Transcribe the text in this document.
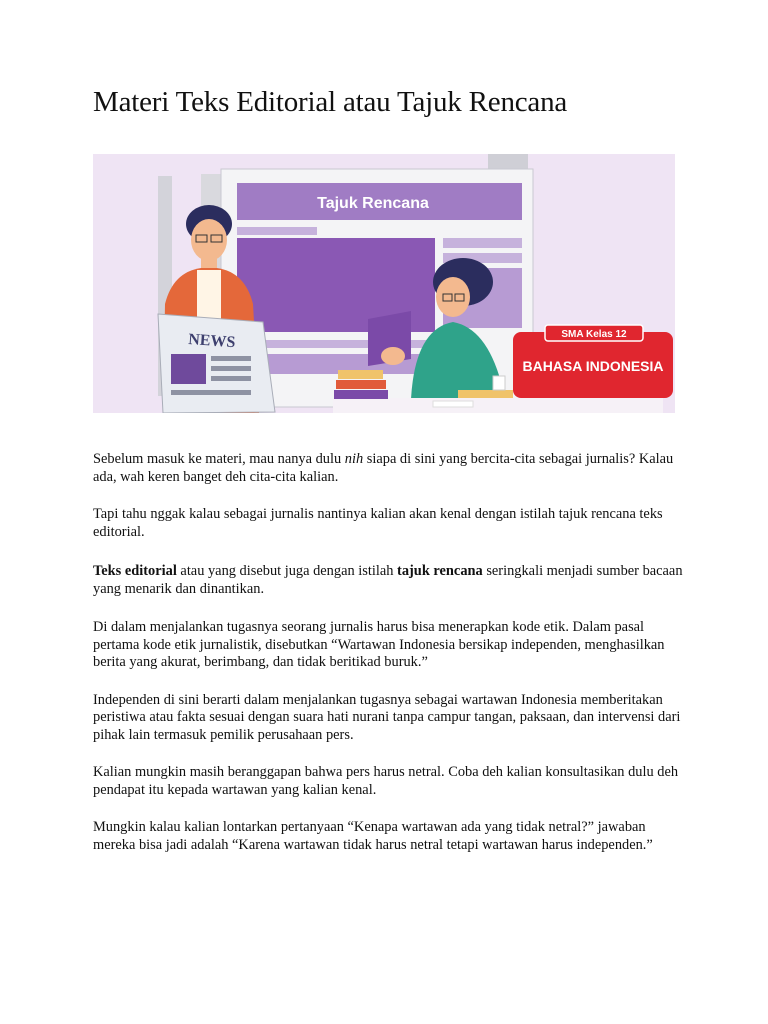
Materi Teks Editorial atau Tajuk Rencana
Tajuk Rencana
NEWS	SMA Kelas 12
BAHASA INDONESIA

Sebelum masuk ke materi, mau nanya dulu nih siapa di sini yang bercita-cita sebagai jurnalis? Kalau ada, wah keren banget deh cita-cita kalian.

Tapi tahu nggak kalau sebagai jurnalis nantinya kalian akan kenal dengan istilah tajuk rencana teks editorial.

Teks editorial atau yang disebut juga dengan istilah tajuk rencana seringkali menjadi sumber bacaan yang menarik dan dinantikan.

Di dalam menjalankan tugasnya seorang jurnalis harus bisa menerapkan kode etik. Dalam pasal pertama kode etik jurnalistik, disebutkan “Wartawan Indonesia bersikap independen, menghasilkan berita yang akurat, berimbang, dan tidak beritikad buruk.”

Independen di sini berarti dalam menjalankan tugasnya sebagai wartawan Indonesia memberitakan peristiwa atau fakta sesuai dengan suara hati nurani tanpa campur tangan, paksaan, dan intervensi dari pihak lain termasuk pemilik perusahaan pers.

Kalian mungkin masih beranggapan bahwa pers harus netral. Coba deh kalian konsultasikan dulu deh pendapat itu kepada wartawan yang kalian kenal.

Mungkin kalau kalian lontarkan pertanyaan “Kenapa wartawan ada yang tidak netral?” jawaban mereka bisa jadi adalah “Karena wartawan tidak harus netral tetapi wartawan harus independen.”
